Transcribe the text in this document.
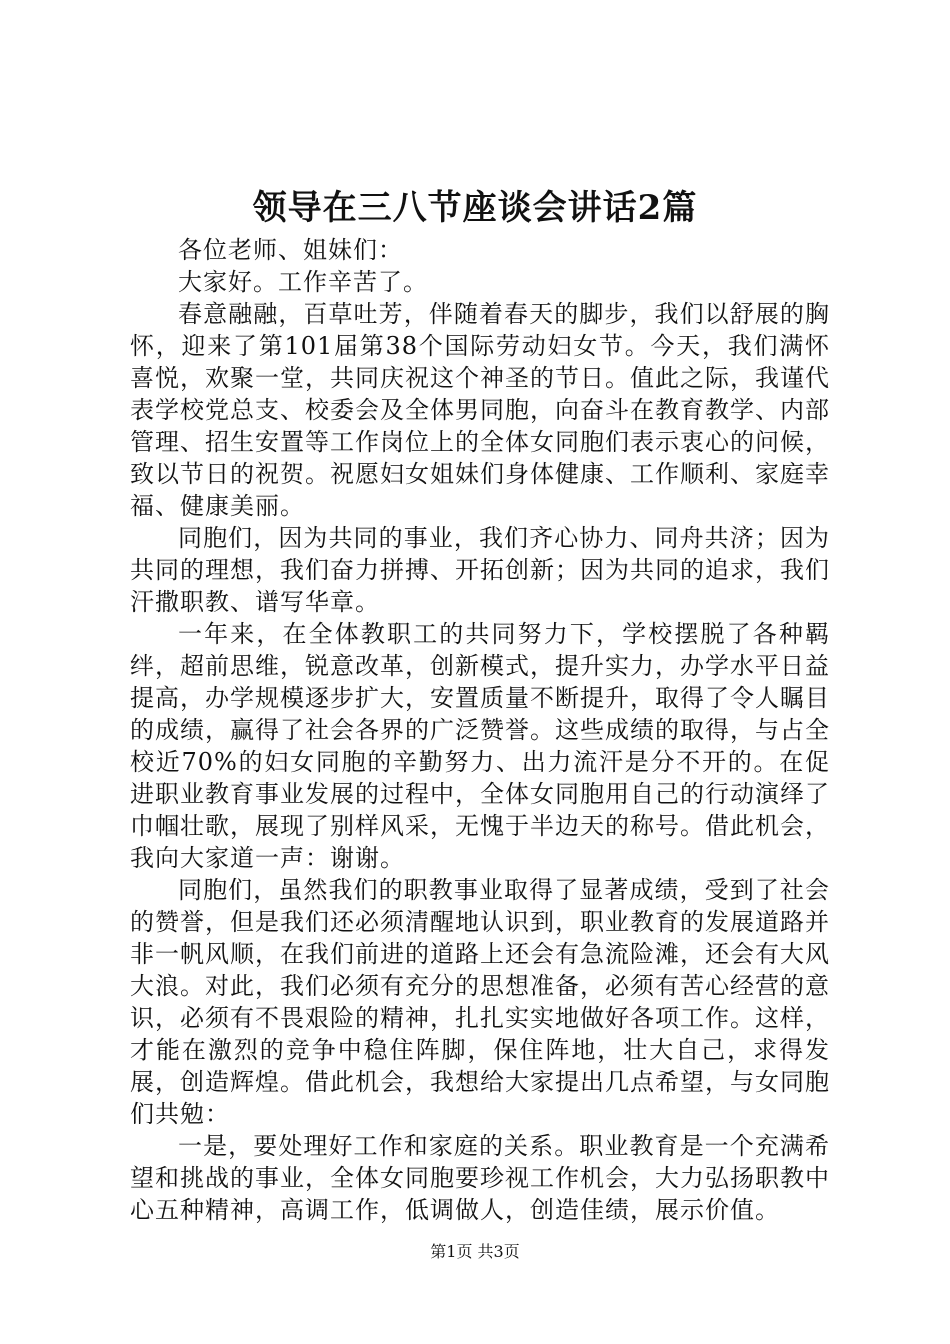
领导在三八节座谈会讲话2篇

各位老师、姐妹们：

大家好。工作辛苦了。

春意融融，百草吐芳，伴随着春天的脚步，我们以舒展的胸怀，迎来了第101届第38个国际劳动妇女节。今天，我们满怀喜悦，欢聚一堂，共同庆祝这个神圣的节日。值此之际，我谨代表学校党总支、校委会及全体男同胞，向奋斗在教育教学、内部管理、招生安置等工作岗位上的全体女同胞们表示衷心的问候，致以节日的祝贺。祝愿妇女姐妹们身体健康、工作顺利、家庭幸福、健康美丽。

同胞们，因为共同的事业，我们齐心协力、同舟共济；因为共同的理想，我们奋力拼搏、开拓创新；因为共同的追求，我们汗撒职教、谱写华章。

一年来，在全体教职工的共同努力下，学校摆脱了各种羁绊，超前思维，锐意改革，创新模式，提升实力，办学水平日益提高，办学规模逐步扩大，安置质量不断提升，取得了令人瞩目的成绩，赢得了社会各界的广泛赞誉。这些成绩的取得，与占全校近70%的妇女同胞的辛勤努力、出力流汗是分不开的。在促进职业教育事业发展的过程中，全体女同胞用自己的行动演绎了巾帼壮歌，展现了别样风采，无愧于半边天的称号。借此机会，我向大家道一声：谢谢。

同胞们，虽然我们的职教事业取得了显著成绩，受到了社会的赞誉，但是我们还必须清醒地认识到，职业教育的发展道路并非一帆风顺，在我们前进的道路上还会有急流险滩，还会有大风大浪。对此，我们必须有充分的思想准备，必须有苦心经营的意识，必须有不畏艰险的精神，扎扎实实地做好各项工作。这样，才能在激烈的竞争中稳住阵脚，保住阵地，壮大自己，求得发展，创造辉煌。借此机会，我想给大家提出几点希望，与女同胞们共勉：

一是，要处理好工作和家庭的关系。职业教育是一个充满希望和挑战的事业，全体女同胞要珍视工作机会，大力弘扬职教中心五种精神，高调工作，低调做人，创造佳绩，展示价值。

第1页 共3页
